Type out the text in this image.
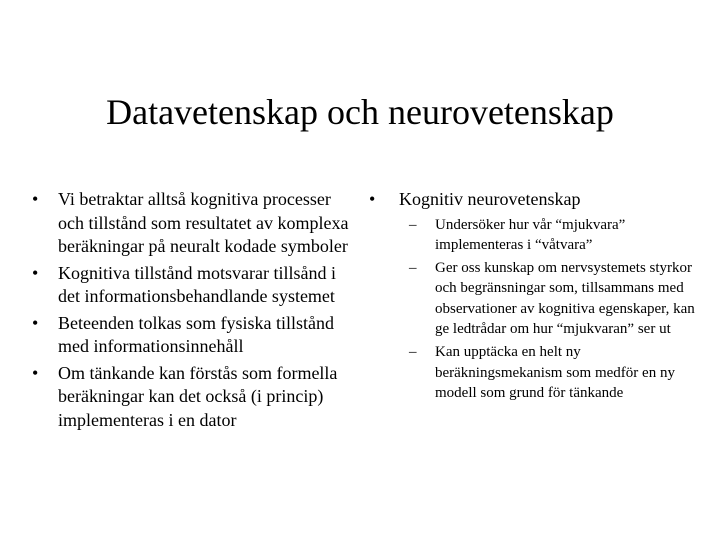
Datavetenskap och neurovetenskap
• Vi betraktar alltså kognitiva processer och tillstånd som resultatet av komplexa beräkningar på neuralt kodade symboler
• Kognitiva tillstånd motsvarar tillsånd i det informationsbehandlande systemet
• Beteenden tolkas som fysiska tillstånd med informationsinnehåll
• Om tänkande kan förstås som formella beräkningar kan det också (i princip) implementeras i en dator
• Kognitiv neurovetenskap
– Undersöker hur vår “mjukvara” implementeras i “våtvara”
– Ger oss kunskap om nervsystemets styrkor och begränsningar som, tillsammans med observationer av kognitiva egenskaper, kan ge ledtrådar om hur “mjukvaran” ser ut
– Kan upptäcka en helt ny beräkningsmekanism som medför en ny modell som grund för tänkande
